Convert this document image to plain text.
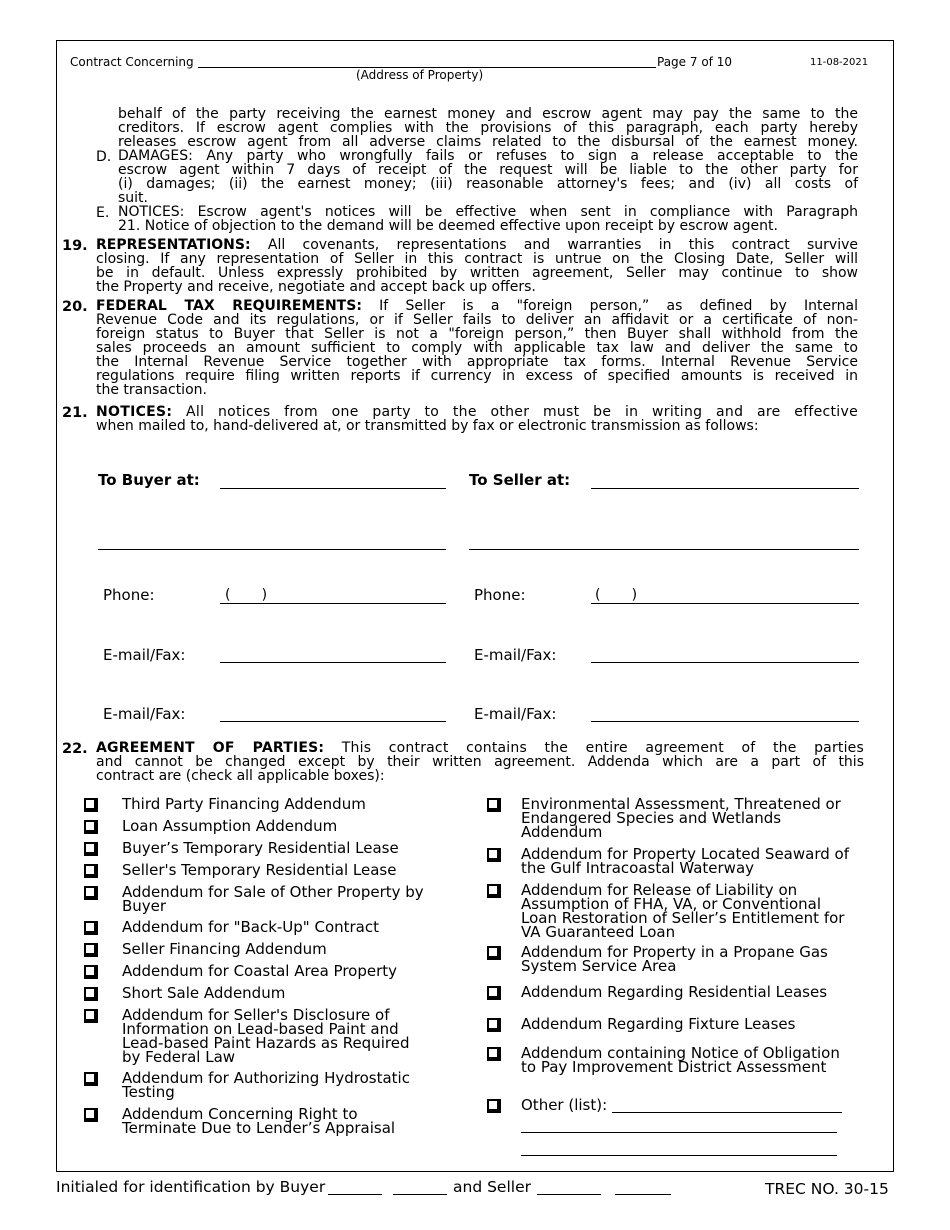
Contract Concerning
(Address of Property)
Page 7 of 10	11-08-2021
behalf of the party receiving the earnest money and escrow agent may pay the same to the
creditors. If escrow agent complies with the provisions of this paragraph, each party hereby
releases escrow agent from all adverse claims related to the disbursal of the earnest money.
D. DAMAGES: Any party who wrongfully fails or refuses to sign a release acceptable to the
escrow agent within 7 days of receipt of the request will be liable to the other party for
(i) damages; (ii) the earnest money; (iii) reasonable attorney's fees; and (iv) all costs of
suit.
E. NOTICES: Escrow agent's notices will be effective when sent in compliance with Paragraph
21. Notice of objection to the demand will be deemed effective upon receipt by escrow agent.
19. REPRESENTATIONS: All covenants, representations and warranties in this contract survive
closing. If any representation of Seller in this contract is untrue on the Closing Date, Seller will
be in default. Unless expressly prohibited by written agreement, Seller may continue to show
the Property and receive, negotiate and accept back up offers.
20. FEDERAL TAX REQUIREMENTS: If Seller is a "foreign person,” as defined by Internal
Revenue Code and its regulations, or if Seller fails to deliver an affidavit or a certificate of non-
foreign status to Buyer that Seller is not a "foreign person,” then Buyer shall withhold from the
sales proceeds an amount sufficient to comply with applicable tax law and deliver the same to
the Internal Revenue Service together with appropriate tax forms. Internal Revenue Service
regulations require filing written reports if currency in excess of specified amounts is received in
the transaction.
21. NOTICES: All notices from one party to the other must be in writing and are effective
when mailed to, hand-delivered at, or transmitted by fax or electronic transmission as follows:
To Buyer at:	To Seller at:
Phone:	(       )	Phone:	(       )
E-mail/Fax:	E-mail/Fax:
E-mail/Fax:	E-mail/Fax:
22. AGREEMENT OF PARTIES: This contract contains the entire agreement of the parties
and cannot be changed except by their written agreement. Addenda which are a part of this
contract are (check all applicable boxes):
Third Party Financing Addendum
Loan Assumption Addendum
Buyer’s Temporary Residential Lease
Seller's Temporary Residential Lease
Addendum for Sale of Other Property by
Buyer
Addendum for "Back-Up" Contract
Seller Financing Addendum
Addendum for Coastal Area Property
Short Sale Addendum
Addendum for Seller's Disclosure of
Information on Lead-based Paint and
Lead-based Paint Hazards as Required
by Federal Law
Addendum for Authorizing Hydrostatic
Testing
Addendum Concerning Right to
Terminate Due to Lender’s Appraisal
Environmental Assessment, Threatened or
Endangered Species and Wetlands
Addendum
Addendum for Property Located Seaward of
the Gulf Intracoastal Waterway
Addendum for Release of Liability on
Assumption of FHA, VA, or Conventional
Loan Restoration of Seller’s Entitlement for
VA Guaranteed Loan
Addendum for Property in a Propane Gas
System Service Area
Addendum Regarding Residential Leases
Addendum Regarding Fixture Leases
Addendum containing Notice of Obligation
to Pay Improvement District Assessment
Other (list):
Initialed for identification by Buyer	and Seller	TREC NO. 30-15
